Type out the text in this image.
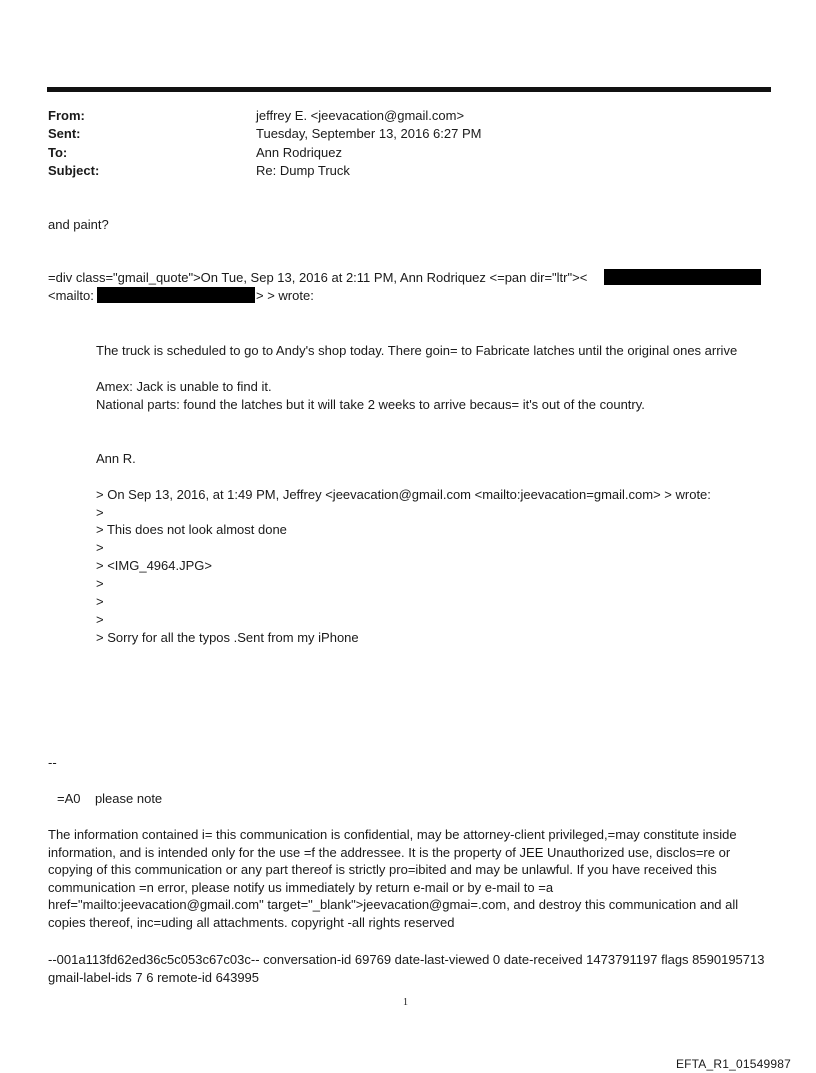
From:	jeffrey E. <jeevacation@gmail.com>
Sent:	Tuesday, September 13, 2016 6:27 PM
To:	Ann Rodriquez
Subject:	Re: Dump Truck
and paint?
=div class="gmail_quote">On Tue, Sep 13, 2016 at 2:11 PM, Ann Rodriquez <=pan dir="ltr"><
<mailto:	> > wrote:
The truck is scheduled to go to Andy's shop today. There goin= to Fabricate latches until the original ones arrive
Amex: Jack is unable to find it.
National parts: found the latches but it will take 2 weeks to arrive becaus= it's out of the country.
Ann R.
> On Sep 13, 2016, at 1:49 PM, Jeffrey <jeevacation@gmail.com <mailto:jeevacation=gmail.com> > wrote:
>
> This does not look almost done
>
> <IMG_4964.JPG>
>
>
>
> Sorry for all the typos .Sent from my iPhone
--
=A0    please note
The information contained i= this communication is confidential, may be attorney-client privileged,=may constitute inside information, and is intended only for the use =f the addressee. It is the property of JEE Unauthorized use, disclos=re or copying of this communication or any part thereof is strictly pro=ibited and may be unlawful. If you have received this communication =n error, please notify us immediately by return e-mail or by e-mail to =a href="mailto:jeevacation@gmail.com" target="_blank">jeevacation@gmai=.com, and destroy this communication and all copies thereof, inc=uding all attachments. copyright -all rights reserved
--001a113fd62ed36c5c053c67c03c-- conversation-id 69769 date-last-viewed 0 date-received 1473791197 flags 8590195713 gmail-label-ids 7 6 remote-id 643995
1
EFTA_R1_01549987
